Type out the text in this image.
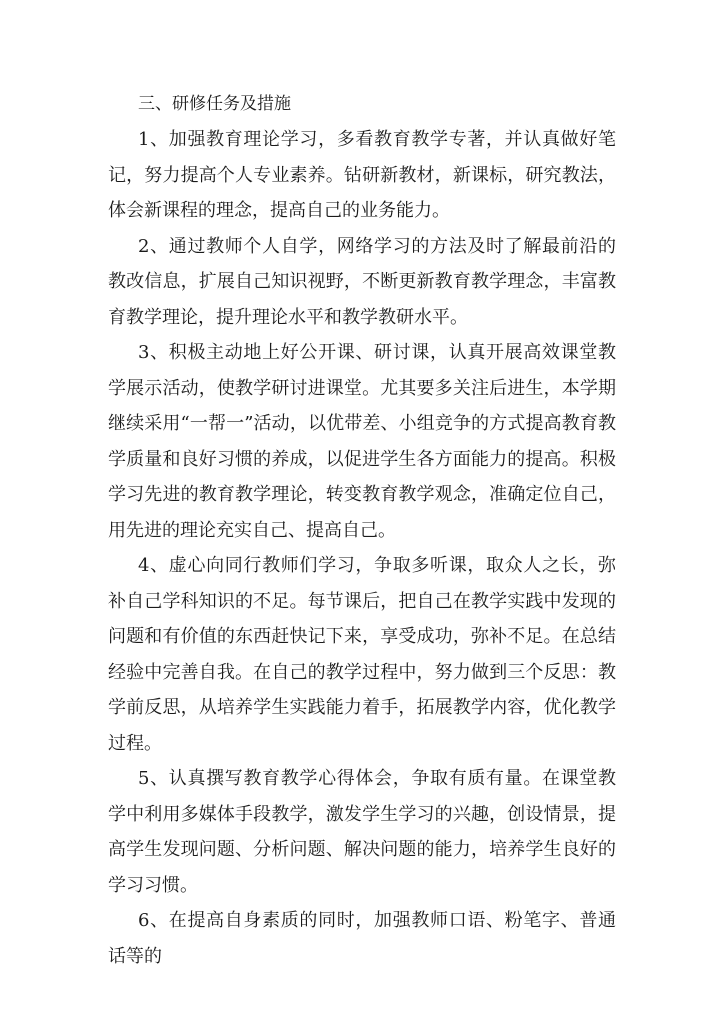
三、研修任务及措施

1、加强教育理论学习，多看教育教学专著，并认真做好笔记，努力提高个人专业素养。钻研新教材，新课标，研究教法，体会新课程的理念，提高自己的业务能力。

2、通过教师个人自学，网络学习的方法及时了解最前沿的教改信息，扩展自己知识视野，不断更新教育教学理念，丰富教育教学理论，提升理论水平和教学教研水平。

3、积极主动地上好公开课、研讨课，认真开展高效课堂教学展示活动，使教学研讨进课堂。尤其要多关注后进生，本学期继续采用“一帮一”活动，以优带差、小组竞争的方式提高教育教学质量和良好习惯的养成，以促进学生各方面能力的提高。积极学习先进的教育教学理论，转变教育教学观念，准确定位自己，用先进的理论充实自己、提高自己。

4、虚心向同行教师们学习，争取多听课，取众人之长，弥补自己学科知识的不足。每节课后，把自己在教学实践中发现的问题和有价值的东西赶快记下来，享受成功，弥补不足。在总结经验中完善自我。在自己的教学过程中，努力做到三个反思：教学前反思，从培养学生实践能力着手，拓展教学内容，优化教学过程。

5、认真撰写教育教学心得体会，争取有质有量。在课堂教学中利用多媒体手段教学，激发学生学习的兴趣，创设情景，提高学生发现问题、分析问题、解决问题的能力，培养学生良好的学习习惯。

6、在提高自身素质的同时，加强教师口语、粉笔字、普通话等的
